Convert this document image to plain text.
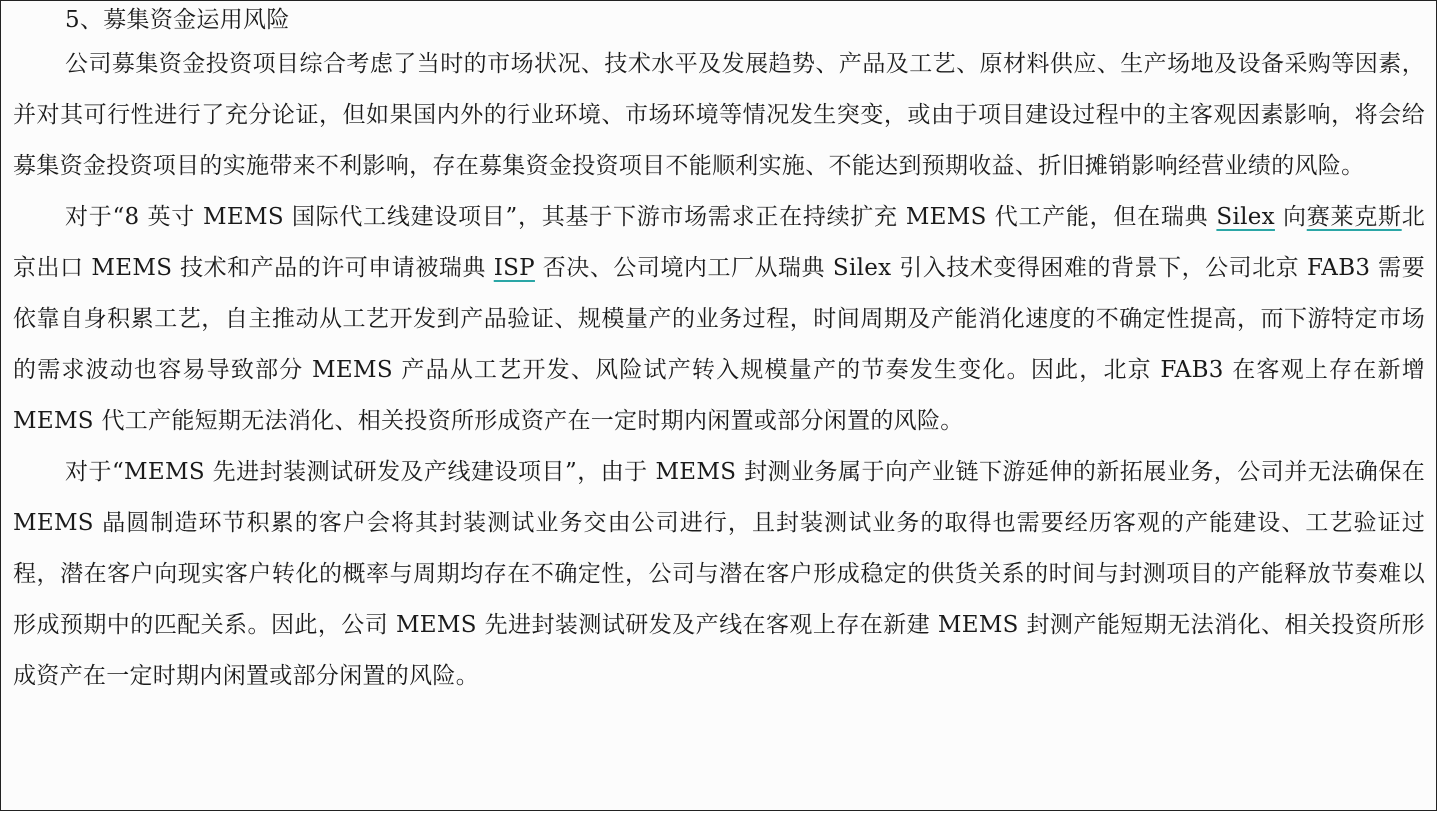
5、募集资金运用风险

公司募集资金投资项目综合考虑了当时的市场状况、技术水平及发展趋势、产品及工艺、原材料供应、生产场地及设备采购等因素，并对其可行性进行了充分论证，但如果国内外的行业环境、市场环境等情况发生突变，或由于项目建设过程中的主客观因素影响，将会给募集资金投资项目的实施带来不利影响，存在募集资金投资项目不能顺利实施、不能达到预期收益、折旧摊销影响经营业绩的风险。

对于“8 英寸 MEMS 国际代工线建设项目”，其基于下游市场需求正在持续扩充 MEMS 代工产能，但在瑞典 Silex 向赛莱克斯北京出口 MEMS 技术和产品的许可申请被瑞典 ISP 否决、公司境内工厂从瑞典 Silex 引入技术变得困难的背景下，公司北京 FAB3 需要依靠自身积累工艺，自主推动从工艺开发到产品验证、规模量产的业务过程，时间周期及产能消化速度的不确定性提高，而下游特定市场的需求波动也容易导致部分 MEMS 产品从工艺开发、风险试产转入规模量产的节奏发生变化。因此，北京 FAB3 在客观上存在新增 MEMS 代工产能短期无法消化、相关投资所形成资产在一定时期内闲置或部分闲置的风险。

对于“MEMS 先进封装测试研发及产线建设项目”，由于 MEMS 封测业务属于向产业链下游延伸的新拓展业务，公司并无法确保在 MEMS 晶圆制造环节积累的客户会将其封装测试业务交由公司进行，且封装测试业务的取得也需要经历客观的产能建设、工艺验证过程，潜在客户向现实客户转化的概率与周期均存在不确定性，公司与潜在客户形成稳定的供货关系的时间与封测项目的产能释放节奏难以形成预期中的匹配关系。因此，公司 MEMS 先进封装测试研发及产线在客观上存在新建 MEMS 封测产能短期无法消化、相关投资所形成资产在一定时期内闲置或部分闲置的风险。
